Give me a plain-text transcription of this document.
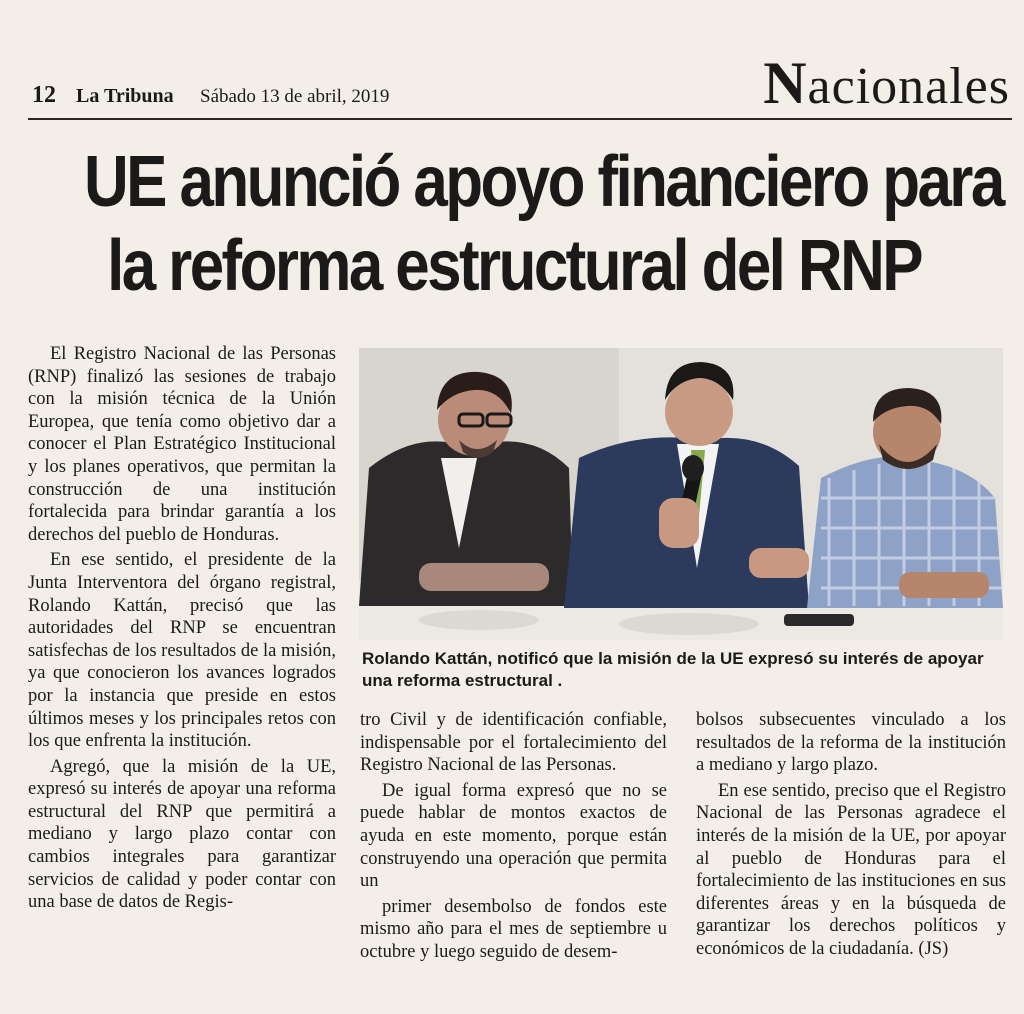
12 La Tribuna Sábado 13 de abril, 2019	Nacionales
UE anunció apoyo financiero para
la reforma estructural del RNP

El Registro Nacional de las Personas (RNP) finalizó las sesiones de trabajo con la misión técnica de la Unión Europea, que tenía como objetivo dar a conocer el Plan Estratégico Institucional y los planes operativos, que permitan la construcción de una institución fortalecida para brindar garantía a los derechos del pueblo de Honduras.

En ese sentido, el presidente de la Junta Interventora del órgano registral, Rolando Kattán, precisó que las autoridades del RNP se encuentran satisfechas de los resultados de la misión, ya que conocieron los avances logrados por la instancia que preside en estos últimos meses y los principales retos con los que enfrenta la institución.

Agregó, que la misión de la UE, expresó su interés de apoyar una reforma estructural del RNP que permitirá a mediano y largo plazo contar con cambios integrales para garantizar servicios de calidad y poder contar con una base de datos de Regis-

Rolando Kattán, notificó que la misión de la UE expresó su interés de apoyar una reforma estructural .

tro Civil y de identificación confiable, indispensable por el fortalecimiento del Registro Nacional de las Personas.

De igual forma expresó que no se puede hablar de montos exactos de ayuda en este momento, porque están construyendo una operación que permita un

primer desembolso de fondos este mismo año para el mes de septiembre u octubre y luego seguido de desem-

bolsos subsecuentes vinculado a los resultados de la reforma de la institución a mediano y largo plazo.

En ese sentido, preciso que el Registro Nacional de las Personas agradece el interés de la misión de la UE, por apoyar al pueblo de Honduras para el fortalecimiento de las instituciones en sus diferentes áreas y en la búsqueda de garantizar los derechos políticos y económicos de la ciudadanía. (JS)
